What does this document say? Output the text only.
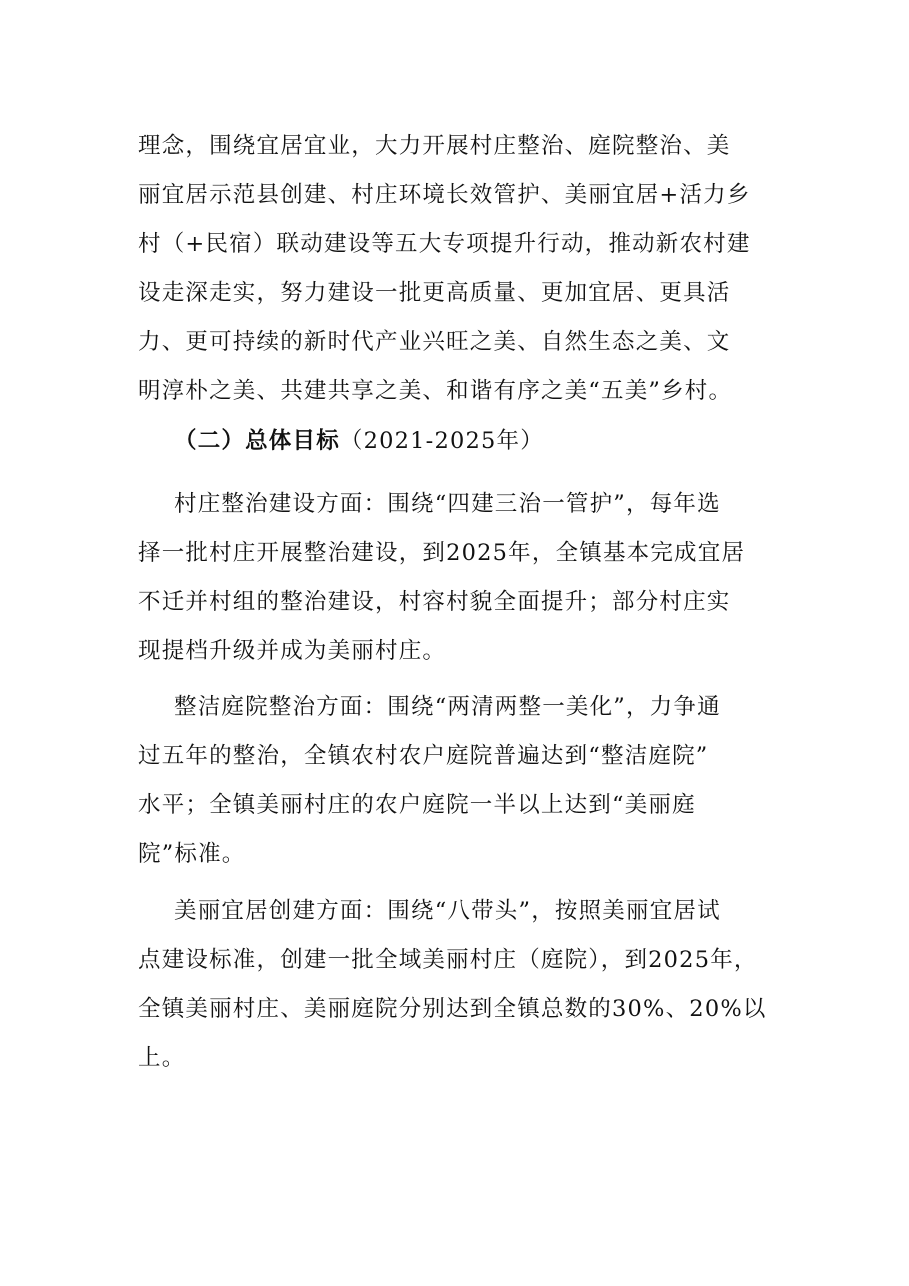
理念，围绕宜居宜业，大力开展村庄整治、庭院整治、美
丽宜居示范县创建、村庄环境长效管护、美丽宜居+活力乡
村（+民宿）联动建设等五大专项提升行动，推动新农村建
设走深走实，努力建设一批更高质量、更加宜居、更具活
力、更可持续的新时代产业兴旺之美、自然生态之美、文
明淳朴之美、共建共享之美、和谐有序之美“五美”乡村。
（二）总体目标（2021-2025年）
村庄整治建设方面：围绕“四建三治一管护”，每年选
择一批村庄开展整治建设，到2025年，全镇基本完成宜居
不迁并村组的整治建设，村容村貌全面提升；部分村庄实
现提档升级并成为美丽村庄。
整洁庭院整治方面：围绕“两清两整一美化”，力争通
过五年的整治，全镇农村农户庭院普遍达到“整洁庭院”
水平；全镇美丽村庄的农户庭院一半以上达到“美丽庭
院”标准。
美丽宜居创建方面：围绕“八带头”，按照美丽宜居试
点建设标准，创建一批全域美丽村庄（庭院），到2025年，
全镇美丽村庄、美丽庭院分别达到全镇总数的30%、20%以
上。
